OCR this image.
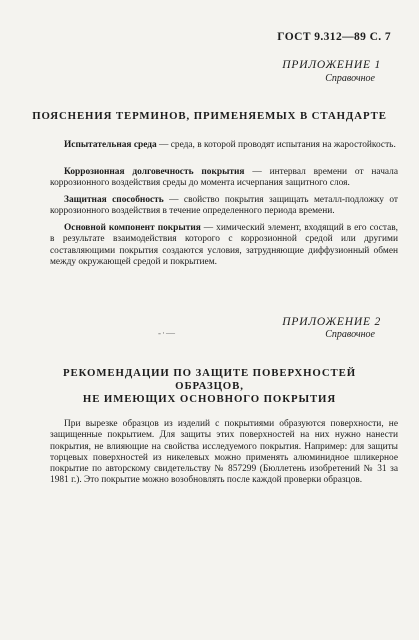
ГОСТ 9.312—89 С. 7
ПРИЛОЖЕНИЕ 1
Справочное
ПОЯСНЕНИЯ ТЕРМИНОВ, ПРИМЕНЯЕМЫХ В СТАНДАРТЕ
Испытательная среда — среда, в которой проводят испытания на жаростойкость.
Коррозионная долговечность покрытия — интервал времени от начала коррозионного воздействия среды до момента исчерпания защитного слоя.
Защитная способность — свойство покрытия защищать металл-подложку от коррозионного воздействия в течение определенного периода времени.
Основной компонент покрытия — химический элемент, входящий в его состав, в результате взаимодействия которого с коррозионной средой или другими составляющими покрытия создаются условия, затрудняющие диффузионный обмен между окружающей средой и покрытием.
-·—
ПРИЛОЖЕНИЕ 2
Справочное
РЕКОМЕНДАЦИИ ПО ЗАЩИТЕ ПОВЕРХНОСТЕЙ ОБРАЗЦОВ,
НЕ ИМЕЮЩИХ ОСНОВНОГО ПОКРЫТИЯ
При вырезке образцов из изделий с покрытиями образуются поверхности, не защищенные покрытием. Для защиты этих поверхностей на них нужно нанести покрытия, не влияющие на свойства исследуемого покрытия. Например: для защиты торцевых поверхностей из никелевых можно применять алюминидное шликерное покрытие по авторскому свидетельству № 857299 (Бюллетень изобретений № 31 за 1981 г.). Это покрытие можно возобновлять после каждой проверки образцов.
